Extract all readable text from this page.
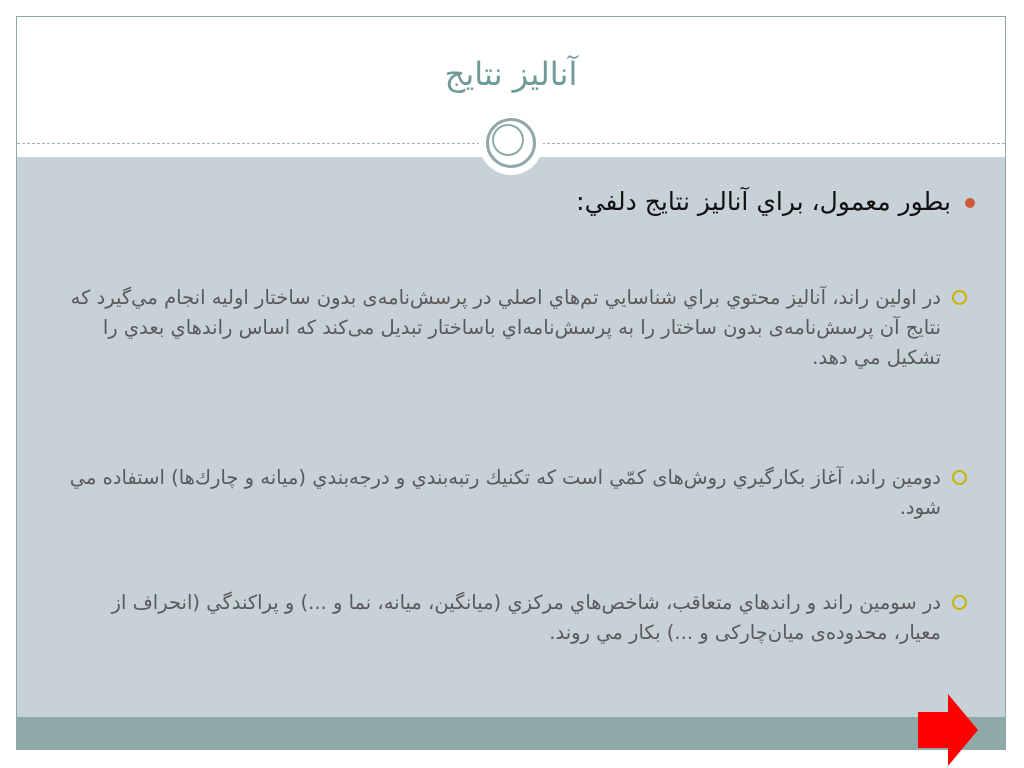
آناليز نتايج
بطور معمول، براي آناليز نتايج دلفي:
در اولين راند، آناليز محتوي براي شناسايي تم‌هاي اصلي در پرسش‌نامه‌ی بدون ساختار اوليه انجام مي‌گيرد که نتايج آن پرسش‌نامه‌ی بدون ساختار را به پرسش‌نامه‌اي باساختار تبديل می‌کند که اساس راندهاي بعدي را تشکيل مي دهد.
دومين راند، آغاز بکارگيري روش‌های کمّي است که تکنيك رتبه‌بندي و درجه‌بندي (ميانه و چارك‌ها) استفاده مي شود.
در سومين راند و راندهاي متعاقب، شاخص‌هاي مرکزي (ميانگين، ميانه، نما و ...) و پراکندگي (انحراف از معيار، محدوده‌ی ميان‌چارکی و ...) بکار مي روند.
